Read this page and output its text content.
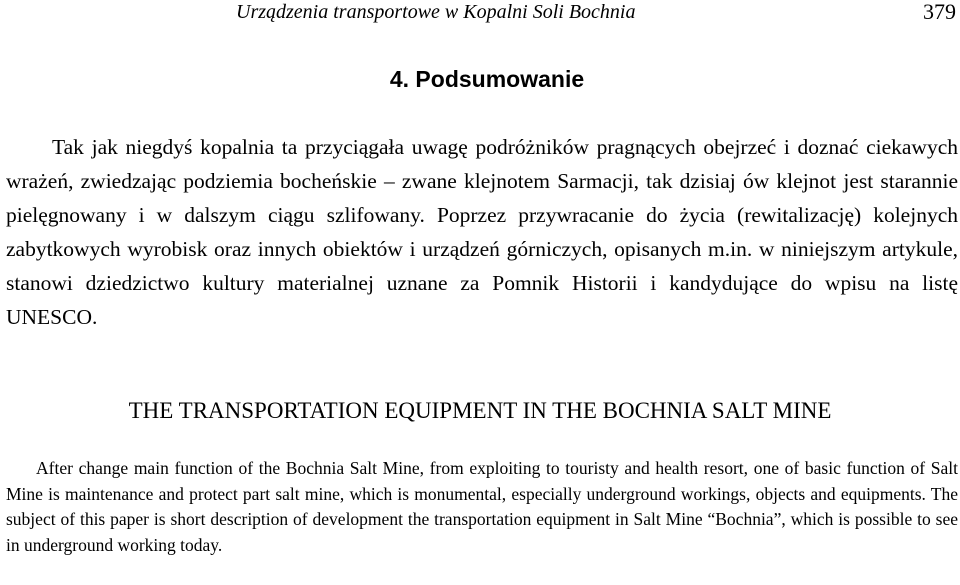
Urządzenia transportowe w Kopalni Soli Bochnia	379
4. Podsumowanie

Tak jak niegdyś kopalnia ta przyciągała uwagę podróżników pragnących obejrzeć i doznać ciekawych wrażeń, zwiedzając podziemia bocheńskie – zwane klejnotem Sarmacji, tak dzisiaj ów klejnot jest starannie pielęgnowany i w dalszym ciągu szlifowany. Poprzez przywracanie do życia (rewitalizację) kolejnych zabytkowych wyrobisk oraz innych obiektów i urządzeń górniczych, opisanych m.in. w niniejszym artykule, stanowi dziedzictwo kultury materialnej uznane za Pomnik Historii i kandydujące do wpisu na listę UNESCO.

THE TRANSPORTATION EQUIPMENT IN THE BOCHNIA SALT MINE

After change main function of the Bochnia Salt Mine, from exploiting to touristy and health resort, one of basic function of Salt Mine is maintenance and protect part salt mine, which is monumental, especially underground workings, objects and equipments. The subject of this paper is short description of development the transportation equipment in Salt Mine “Bochnia”, which is possible to see in underground working today.
